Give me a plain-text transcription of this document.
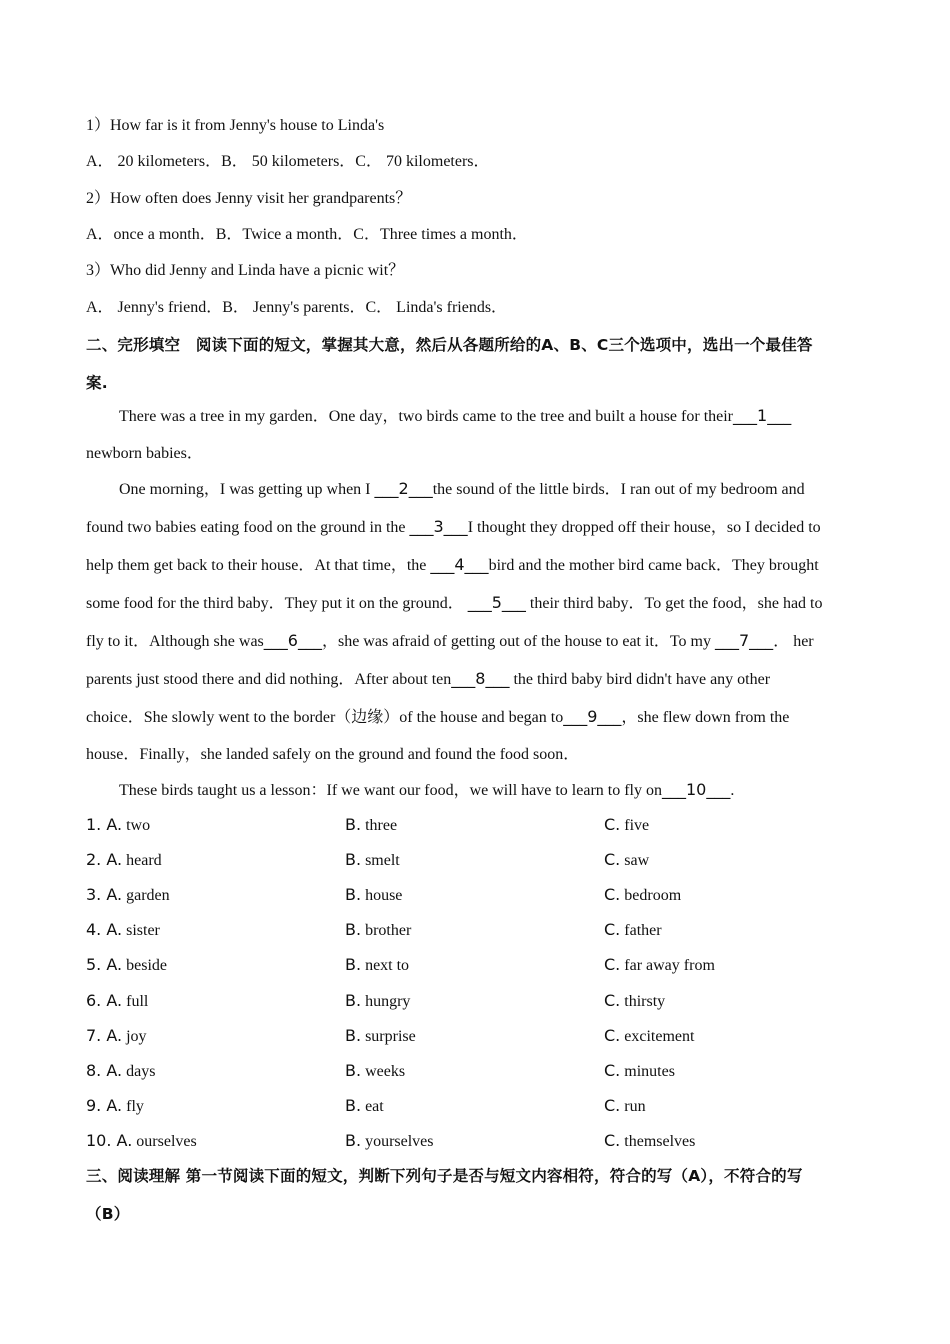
1）How far is it from Jenny's house to Linda's
A． 20 kilometers．B． 50 kilometers．C． 70 kilometers．
2）How often does Jenny visit her grandparents？
A．once a month．B．Twice a month．C．Three times a month．
3）Who did Jenny and Linda have a picnic wit？
A． Jenny's friend．B． Jenny's parents．C． Linda's friends．
二、完形填空　阅读下面的短文，掌握其大意，然后从各题所给的A、B、C三个选项中，选出一个最佳答
案.
There was a tree in my garden．One day，two birds came to the tree and built a house for their___1___
newborn babies．
One morning，I was getting up when I ___2___the sound of the little birds．I ran out of my bedroom and
found two babies eating food on the ground in the ___3___I thought they dropped off their house，so I decided to
help them get back to their house．At that time，the ___4___bird and the mother bird came back．They brought
some food for the third baby．They put it on the ground． ___5___ their third baby．To get the food，she had to
fly to it．Although she was___6___，she was afraid of getting out of the house to eat it．To my ___7___． her
parents just stood there and did nothing．After about ten___8___ the third baby bird didn't have any other
choice．She slowly went to the border（边缘）of the house and began to___9___，she flew down from the
house．Finally，she landed safely on the ground and found the food soon．
These birds taught us a lesson：If we want our food，we will have to learn to fly on___10___.
1. A. two	B. three	C. five
2. A. heard	B. smelt	C. saw
3. A. garden	B. house	C. bedroom
4. A. sister	B. brother	C. father
5. A. beside	B. next to	C. far away from
6. A. full	B. hungry	C. thirsty
7. A. joy	B. surprise	C. excitement
8. A. days	B. weeks	C. minutes
9. A. fly	B. eat	C. run
10. A. ourselves	B. yourselves	C. themselves
三、阅读理解 第一节阅读下面的短文，判断下列句子是否与短文内容相符，符合的写（A），不符合的写
（B）
